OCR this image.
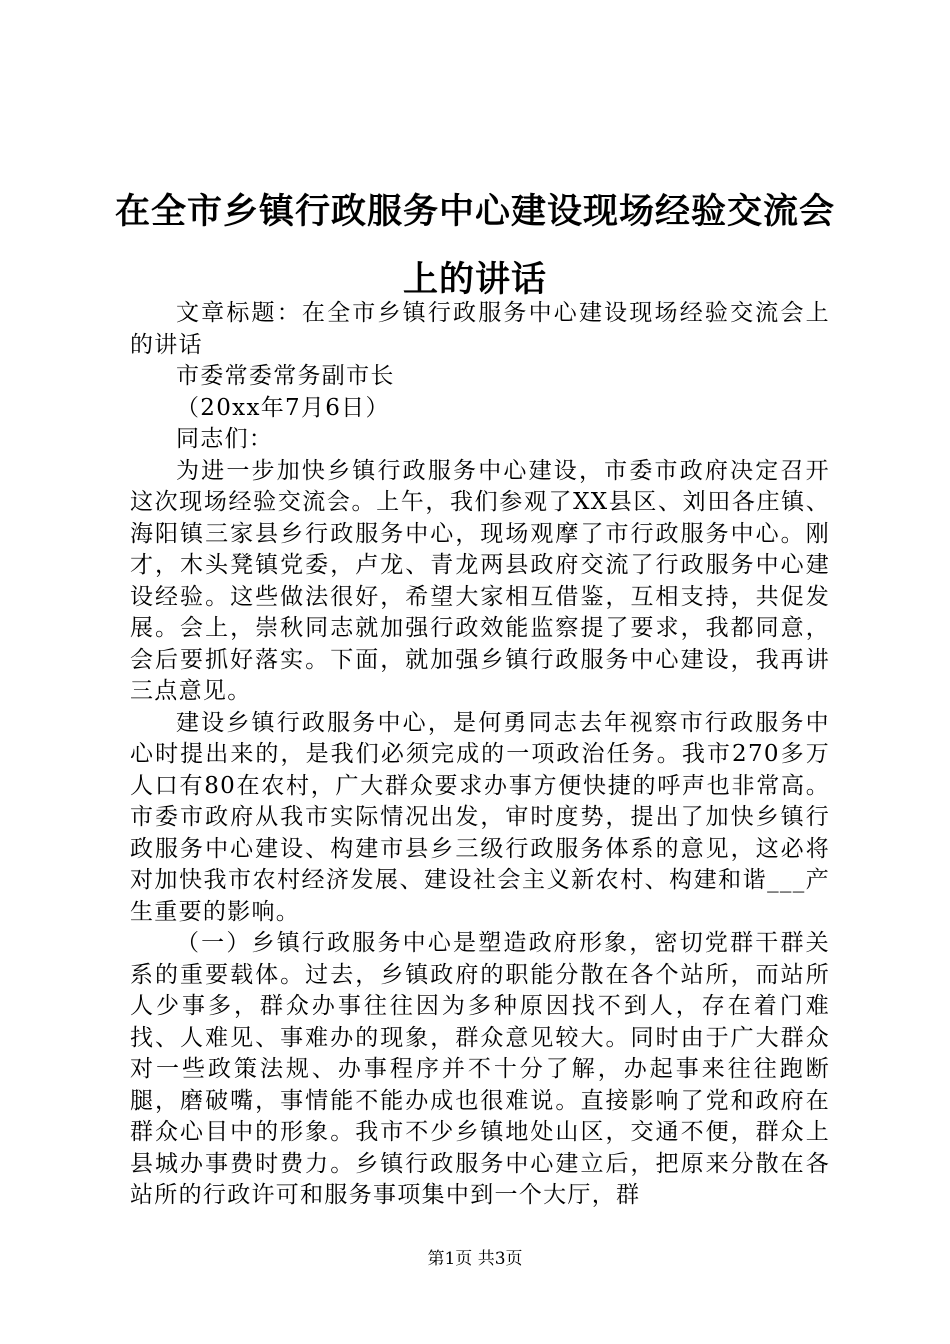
在全市乡镇行政服务中心建设现场经验交流会上的讲话

文章标题：在全市乡镇行政服务中心建设现场经验交流会上的讲话

市委常委常务副市长

（20xx年7月6日）

同志们：

为进一步加快乡镇行政服务中心建设，市委市政府决定召开这次现场经验交流会。上午，我们参观了XX县区、刘田各庄镇、海阳镇三家县乡行政服务中心，现场观摩了市行政服务中心。刚才，木头凳镇党委，卢龙、青龙两县政府交流了行政服务中心建设经验。这些做法很好，希望大家相互借鉴，互相支持，共促发展。会上，崇秋同志就加强行政效能监察提了要求，我都同意，会后要抓好落实。下面，就加强乡镇行政服务中心建设，我再讲三点意见。

建设乡镇行政服务中心，是何勇同志去年视察市行政服务中心时提出来的，是我们必须完成的一项政治任务。我市270多万人口有80在农村，广大群众要求办事方便快捷的呼声也非常高。市委市政府从我市实际情况出发，审时度势，提出了加快乡镇行政服务中心建设、构建市县乡三级行政服务体系的意见，这必将对加快我市农村经济发展、建设社会主义新农村、构建和谐___产生重要的影响。

（一）乡镇行政服务中心是塑造政府形象，密切党群干群关系的重要载体。过去，乡镇政府的职能分散在各个站所，而站所人少事多，群众办事往往因为多种原因找不到人，存在着门难找、人难见、事难办的现象，群众意见较大。同时由于广大群众对一些政策法规、办事程序并不十分了解，办起事来往往跑断腿，磨破嘴，事情能不能办成也很难说。直接影响了党和政府在群众心目中的形象。我市不少乡镇地处山区，交通不便，群众上县城办事费时费力。乡镇行政服务中心建立后，把原来分散在各站所的行政许可和服务事项集中到一个大厅，群

第1页 共3页
